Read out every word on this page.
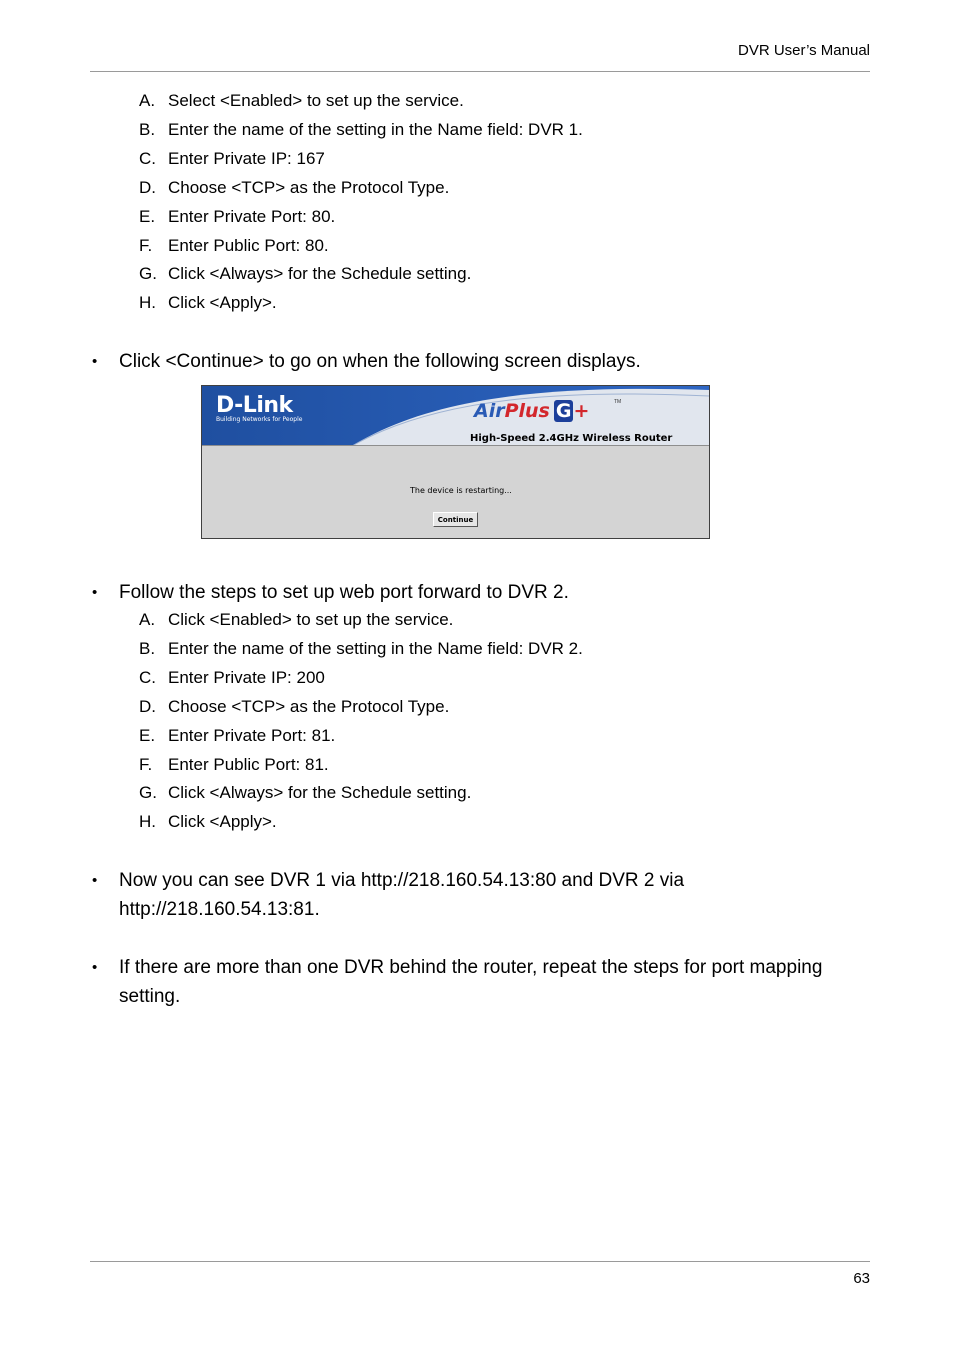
DVR User’s Manual
A. Select <Enabled> to set up the service.
B. Enter the name of the setting in the Name field: DVR 1.
C. Enter Private IP: 167
D. Choose <TCP> as the Protocol Type.
E. Enter Private Port: 80.
F. Enter Public Port: 80.
G. Click <Always> for the Schedule setting.
H. Click <Apply>.
•	Click <Continue> to go on when the following screen displays.
D-Link
Building Networks for People	AirPlus G +	TM
High-Speed 2.4GHz Wireless Router
The device is restarting...
Continue
•	Follow the steps to set up web port forward to DVR 2.
A. Click <Enabled> to set up the service.
B. Enter the name of the setting in the Name field: DVR 2.
C. Enter Private IP: 200
D. Choose <TCP> as the Protocol Type.
E. Enter Private Port: 81.
F. Enter Public Port: 81.
G. Click <Always> for the Schedule setting.
H. Click <Apply>.
•	Now you can see DVR 1 via http://218.160.54.13:80 and DVR 2 via http://218.160.54.13:81.
•	If there are more than one DVR behind the router, repeat the steps for port mapping setting.
63
